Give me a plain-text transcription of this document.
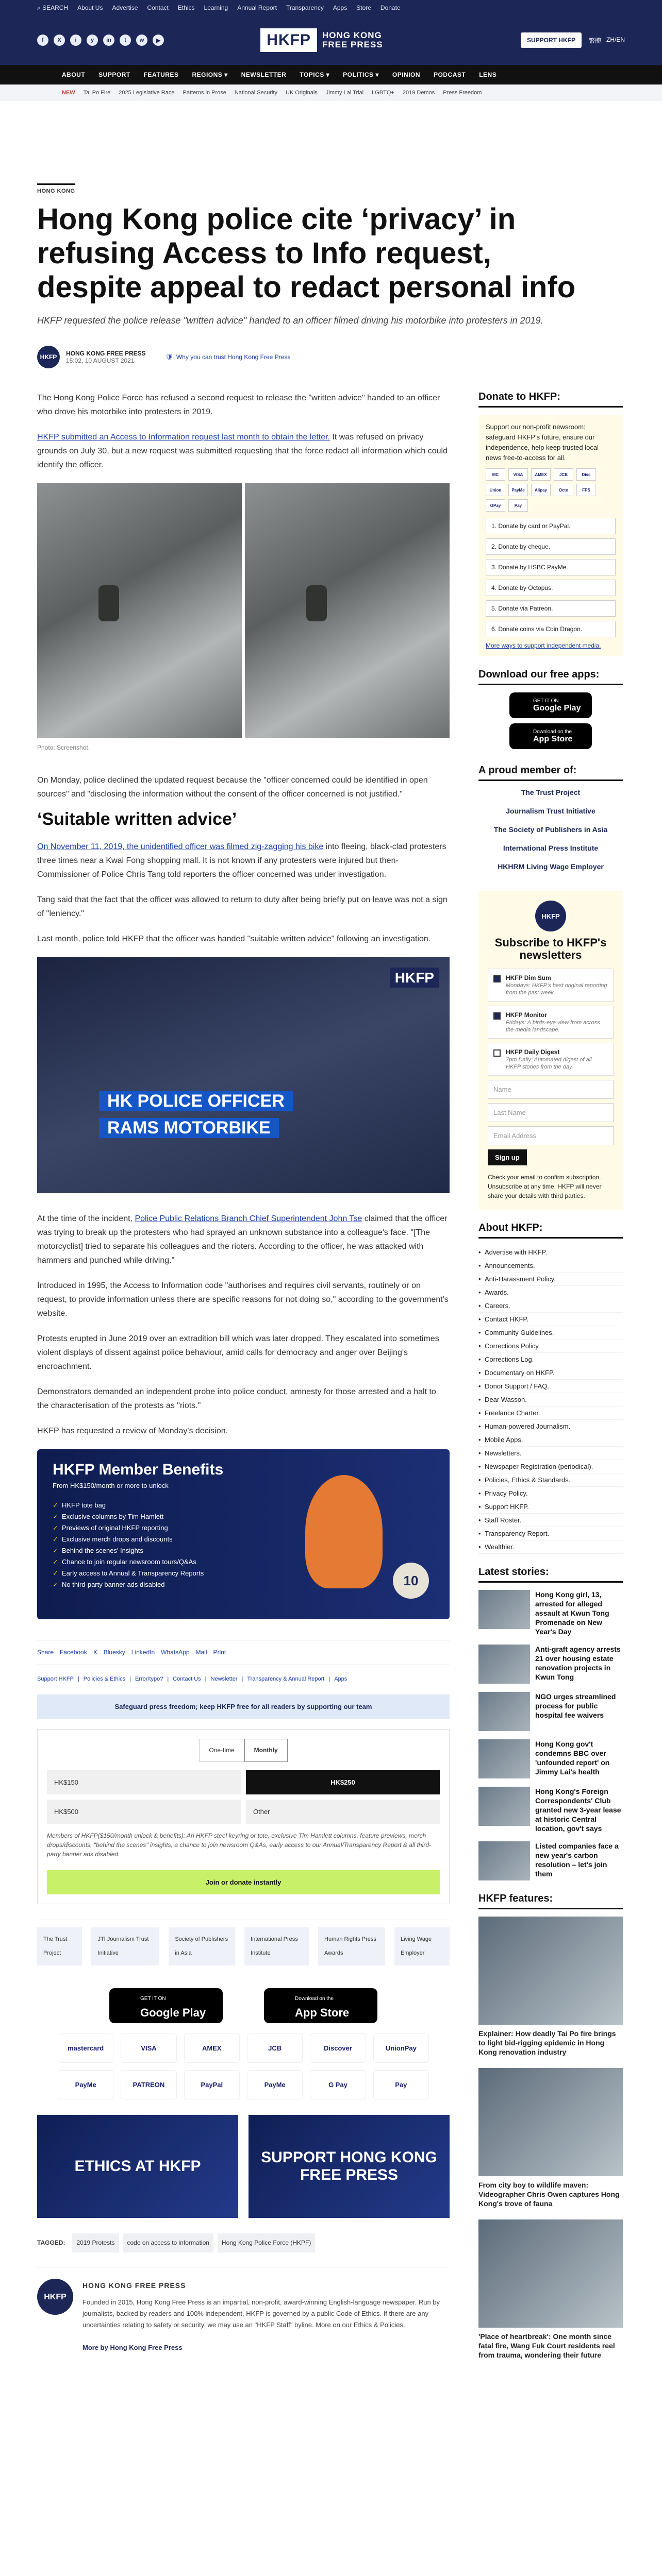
⌕ SEARCH About Us Advertise Contact Ethics Learning Annual Report Transparency Apps Store Donate
f	X	i	y	in	t	w	▶	HKFP	HONG KONG
FREE PRESS	SUPPORT HKFP	繁體 ZH/EN
ABOUT SUPPORT FEATURES REGIONS ▾ NEWSLETTER TOPICS ▾ POLITICS ▾ OPINION PODCAST LENS
NEW Tai Po Fire 2025 Legislative Race Patterns in Prose National Security UK Originals Jimmy Lai Trial LGBTQ+ 2019 Demos Press Freedom
HONG KONG
Hong Kong police cite ‘privacy’ in refusing Access to Info request, despite appeal to redact personal info

HKFP requested the police release "written advice" handed to an officer filmed driving his motorbike into protesters in 2019.

HKFP	HONG KONG FREE PRESS
15:02, 10 AUGUST 2021	🛡 Why you can trust Hong Kong Free Press

The Hong Kong Police Force has refused a second request to release the "written advice" handed to an officer who drove his motorbike into protesters in 2019.

HKFP submitted an Access to Information request last month to obtain the letter. It was refused on privacy grounds on July 30, but a new request was submitted requesting that the force redact all information which could identify the officer.

Photo: Screenshot.

On Monday, police declined the updated request because the "officer concerned could be identified in open sources" and "disclosing the information without the consent of the officer concerned is not justified."

‘Suitable written advice’

On November 11, 2019, the unidentified officer was filmed zig-zagging his bike into fleeing, black-clad protesters three times near a Kwai Fong shopping mall. It is not known if any protesters were injured but then-Commissioner of Police Chris Tang told reporters the officer concerned was under investigation.

Tang said that the fact that the officer was allowed to return to duty after being briefly put on leave was not a sign of "leniency."

Last month, police told HKFP that the officer was handed "suitable written advice" following an investigation.

HKFP
HK POLICE OFFICER
RAMS MOTORBIKE

At the time of the incident, Police Public Relations Branch Chief Superintendent John Tse claimed that the officer was trying to break up the protesters who had sprayed an unknown substance into a colleague's face. "[The motorcyclist] tried to separate his colleagues and the rioters. According to the officer, he was attacked with hammers and punched while driving."

Introduced in 1995, the Access to Information code "authorises and requires civil servants, routinely or on request, to provide information unless there are specific reasons for not doing so," according to the government's website.

Protests erupted in June 2019 over an extradition bill which was later dropped. They escalated into sometimes violent displays of dissent against police behaviour, amid calls for democracy and anger over Beijing's encroachment.

Demonstrators demanded an independent probe into police conduct, amnesty for those arrested and a halt to the characterisation of the protests as "riots."

HKFP has requested a review of Monday's decision.

HKFP Member Benefits
From HK$150/month or more to unlock
✓ HKFP tote bag
✓ Exclusive columns by Tim Hamlett
✓ Previews of original HKFP reporting
✓ Exclusive merch drops and discounts
✓ Behind the scenes' Insights
✓ Chance to join regular newsroom tours/Q&As
✓ Early access to Annual & Transparency Reports
✓ No third-party banner ads disabled	10
Share Facebook X Bluesky LinkedIn WhatsApp Mail Print
Support HKFP | Policies & Ethics | Error/typo? | Contact Us | Newsletter | Transparency & Annual Report | Apps
Safeguard press freedom; keep HKFP free for all readers by supporting our team
One-time	Monthly
HK$150	HK$250
HK$500	Other

Members of HKFP($150/month unlock & benefits): An HKFP steel keyring or tote, exclusive Tim Hamlett columns, feature previews, merch drops/discounts, "behind the scenes" insights, a chance to join newsroom Q&As, early access to our Annual/Transparency Report & all third-party banner ads disabled.

Join or donate instantly
The Trust Project
JTI Journalism Trust Initiative
Society of Publishers in Asia
International Press Institute
Human Rights Press Awards
Living Wage Employer
GET IT ON
Google Play
Download on the
App Store
mastercard	VISA	AMEX	JCB	Discover	UnionPay
PayMe	PATREON	PayPal	PayMe	G Pay	Pay
ETHICS AT HKFP
SUPPORT HONG KONG FREE PRESS
TAGGED:	2019 Protests	code on access to information	Hong Kong Police Force (HKPF)
HKFP
HONG KONG FREE PRESS

Founded in 2015, Hong Kong Free Press is an impartial, non-profit, award-winning English-language newspaper. Run by journalists, backed by readers and 100% independent, HKFP is governed by a public Code of Ethics. If there are any uncertainties relating to safety or security, we may use an "HKFP Staff" byline. More on our Ethics & Policies.

More by Hong Kong Free Press

Donate to HKFP:

Support our non-profit newsroom: safeguard HKFP's future, ensure our independence, help keep trusted local news free-to-access for all.

MC	VISA	AMEX	JCB	Disc
Union	PayMe	Alipay	Octo	FPS
GPay	Pay
1. Donate by card or PayPal.
2. Donate by cheque.
3. Donate by HSBC PayMe.
4. Donate by Octopus.
5. Donate via Patreon.
6. Donate coins via Coin Dragon.
More ways to support independent media.
Download our free apps:
GET IT ON
Google Play
Download on the
App Store
A proud member of:
The Trust Project
Journalism Trust Initiative
The Society of Publishers in Asia
International Press Institute
HKHRM Living Wage Employer
HKFP
Subscribe to HKFP's newsletters
HKFP Dim Sum
Mondays: HKFP's best original reporting from the past week.
HKFP Monitor
Fridays: A birds-eye view from across the media landscape.
HKFP Daily Digest
7pm Daily: Automated digest of all HKFP stories from the day.
Name
Last Name
Email Address
Sign up

Check your email to confirm subscription. Unsubscribe at any time. HKFP will never share your details with third parties.

About HKFP:
• Advertise with HKFP.
• Announcements.
• Anti-Harassment Policy.
• Awards.
• Careers.
• Contact HKFP.
• Community Guidelines.
• Corrections Policy.
• Corrections Log.
• Documentary on HKFP.
• Donor Support / FAQ.
• Dear Wasson.
• Freelance Charter.
• Human-powered Journalism.
• Mobile Apps.
• Newsletters.
• Newspaper Registration (periodical).
• Policies, Ethics & Standards.
• Privacy Policy.
• Support HKFP.
• Staff Roster.
• Transparency Report.
• Wealthier.
Latest stories:
Hong Kong girl, 13, arrested for alleged assault at Kwun Tong Promenade on New Year's Day
Anti-graft agency arrests 21 over housing estate renovation projects in Kwun Tong
NGO urges streamlined process for public hospital fee waivers
Hong Kong gov't condemns BBC over 'unfounded report' on Jimmy Lai's health
Hong Kong's Foreign Correspondents' Club granted new 3-year lease at historic Central location, gov't says
Listed companies face a new year's carbon resolution – let's join them
HKFP features:
Explainer: How deadly Tai Po fire brings to light bid-rigging epidemic in Hong Kong renovation industry
From city boy to wildlife maven: Videographer Chris Owen captures Hong Kong's trove of fauna
'Place of heartbreak': One month since fatal fire, Wang Fuk Court residents reel from trauma, wondering their future
